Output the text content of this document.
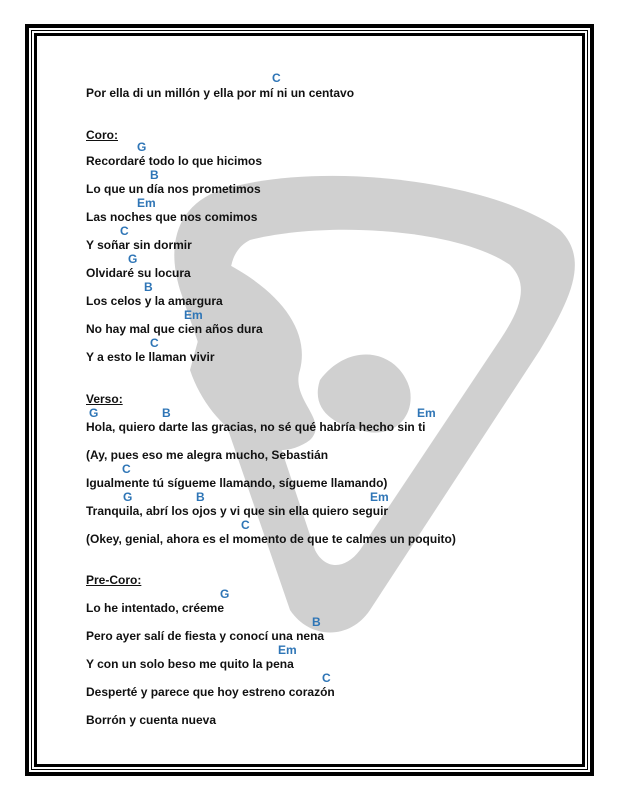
C
Por ella di un millón y ella por mí ni un centavo
Coro:
G
Recordaré todo lo que hicimos
B
Lo que un día nos prometimos
Em
Las noches que nos comimos
C
Y soñar sin dormir
G
Olvidaré su locura
B
Los celos y la amargura
Em
No hay mal que cien años dura
C
Y a esto le llaman vivir
Verso:
G	B	Em
Hola, quiero darte las gracias, no sé qué habría hecho sin ti
(Ay, pues eso me alegra mucho, Sebastián
C
Igualmente tú sígueme llamando, sígueme llamando)
G	B	Em
Tranquila, abrí los ojos y vi que sin ella quiero seguir
C
(Okey, genial, ahora es el momento de que te calmes un poquito)
Pre-Coro:
G
Lo he intentado, créeme
B
Pero ayer salí de fiesta y conocí una nena
Em
Y con un solo beso me quito la pena
C
Desperté y parece que hoy estreno corazón
Borrón y cuenta nueva
